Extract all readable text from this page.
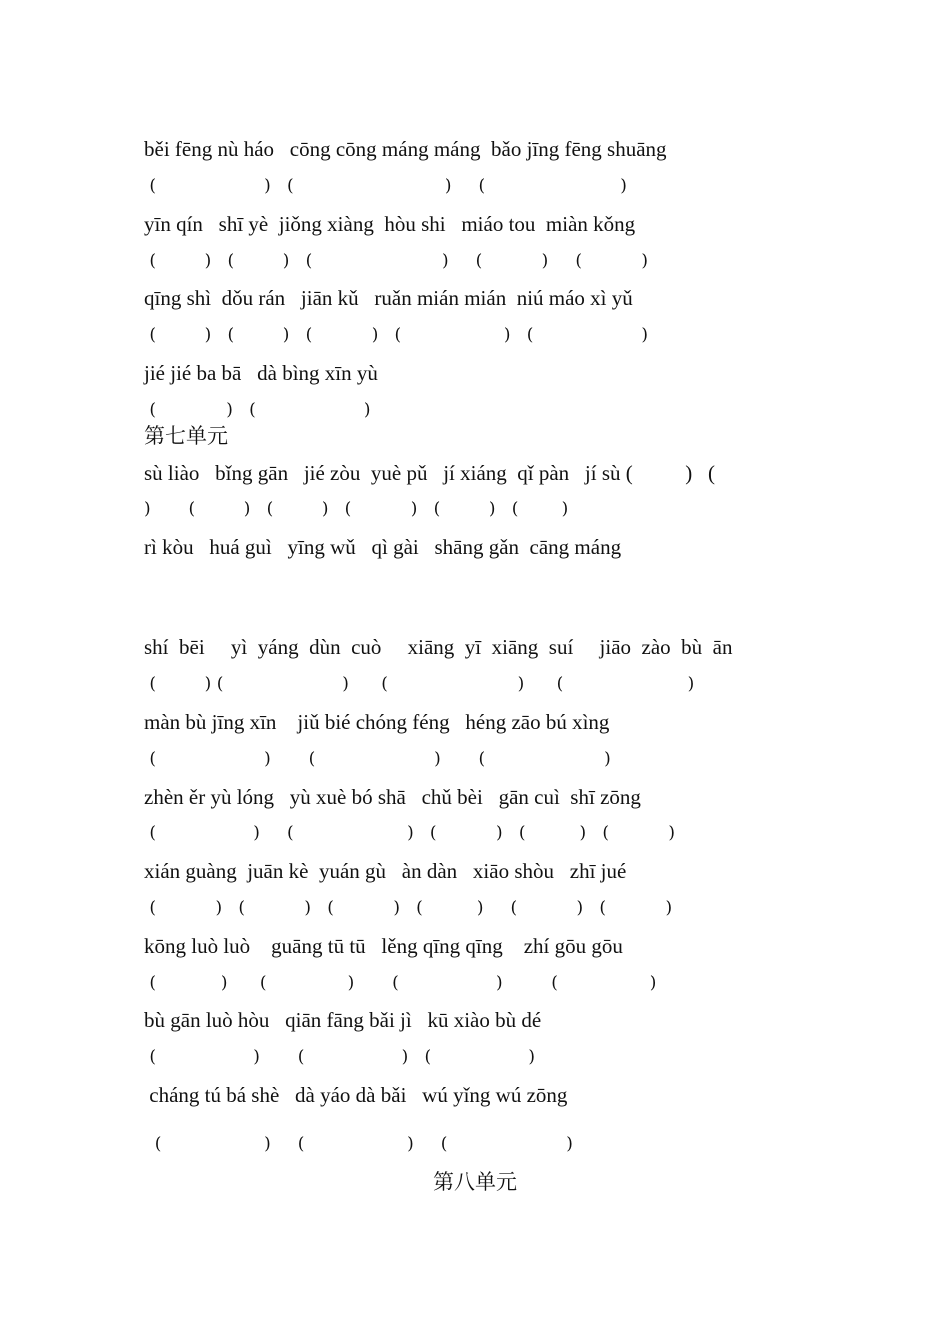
běi fēng nù háo   cōng cōng máng máng  bǎo jīng fēng shuāng
(                    )   (                            )     (                         )
yīn qín   shī yè  jiǒng xiàng  hòu shi   miáo tou  miàn kǒng
(         )   (         )   (                        )     (           )     (           )
qīng shì  dǒu rán   jiān kǔ   ruǎn mián mián  niú máo xì yǔ
(         )   (         )   (           )   (                   )   (                    )
jié jié ba bā   dà bìng xīn yù
(             )   (                    )
第七单元
sù liào   bǐng gān   jié zòu  yuè pǔ   jí xiáng  qǐ pàn   jí sù (          )   (
)       (         )   (         )   (           )   (         )   (        )
rì kòu   huá guì   yīng wǔ   qì gài   shāng gǎn  cāng máng
shí  bēi     yì  yáng  dùn  cuò     xiāng  yī  xiāng  suí     jiāo  zào  bù  ān
(         ) (                      )      (                        )      (                       )
màn bù jīng xīn    jiǔ bié chóng féng   héng zāo bú xìng
(                    )       (                      )       (                      )
zhèn ěr yù lóng   yù xuè bó shā   chǔ bèi   gān cuì  shī zōng
(                  )     (                     )   (           )   (          )   (           )
xián guàng  juān kè  yuán gù   àn dàn   xiāo shòu   zhī jué
(           )   (           )   (           )   (          )     (           )   (           )
kōng luò luò    guāng tū tū   lěng qīng qīng    zhí gōu gōu
(            )      (               )       (                  )         (                 )
bù gān luò hòu   qiān fāng bǎi jì   kū xiào bù dé
(                  )       (                  )   (                  )
cháng tú bá shè   dà yáo dà bǎi   wú yǐng wú zōng
(                   )     (                   )     (                      )
第八单元
